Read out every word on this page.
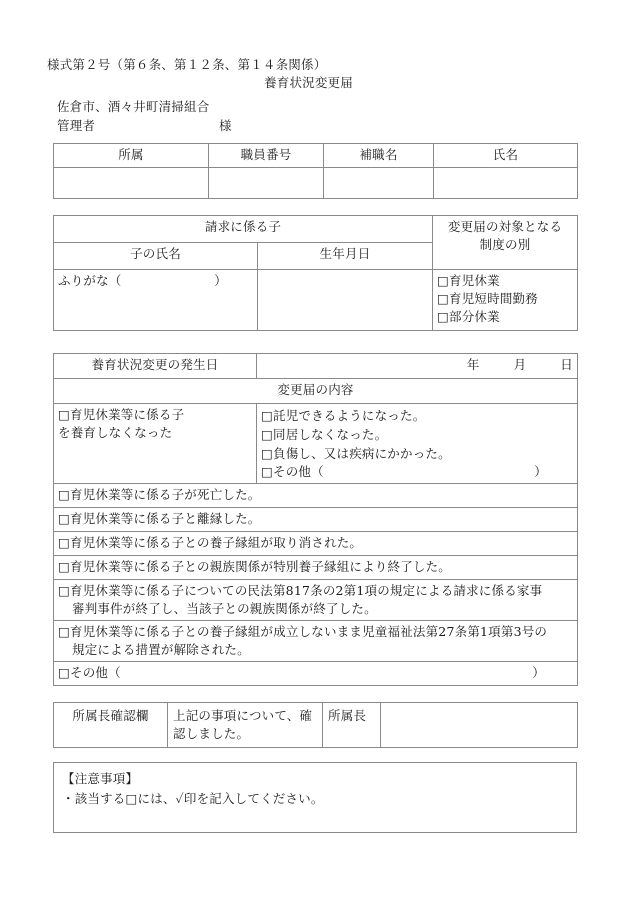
様式第２号（第６条、第１２条、第１４条関係）
養育状況変更届
佐倉市、酒々井町清掃組合
管理者	様
所属	職員番号	補職名	氏名

請求に係る子		変更届の対象となる
制度の別

子の氏名	生年月日	

ふりがな（	）		□育児休業
□育児短時間勤務
□部分休業
養育状況変更の発生日	年 月 日
変更届の内容	

□育児休業等に係る子
を養育しなくなった

□託児できるようになった。
□同居しなくなった。
□負傷し、又は疾病にかかった。
□その他（	）

□育児休業等に係る子が死亡した。	
□育児休業等に係る子と離縁した。	
□育児休業等に係る子との養子縁組が取り消された。	
□育児休業等に係る子との親族関係が特別養子縁組により終了した。	

□育児休業等に係る子についての民法第817条の2第1項の規定による請求に係る家事
審判事件が終了し、当該子との親族関係が終了した。	

□育児休業等に係る子との養子縁組が成立しないまま児童福祉法第27条第1項第3号の
規定による措置が解除された。	

□その他（ ）	
所属長確認欄	上記の事項について、確
認しました。
	所属長	
【注意事項】
・該当する□には、✓印を記入してください。
